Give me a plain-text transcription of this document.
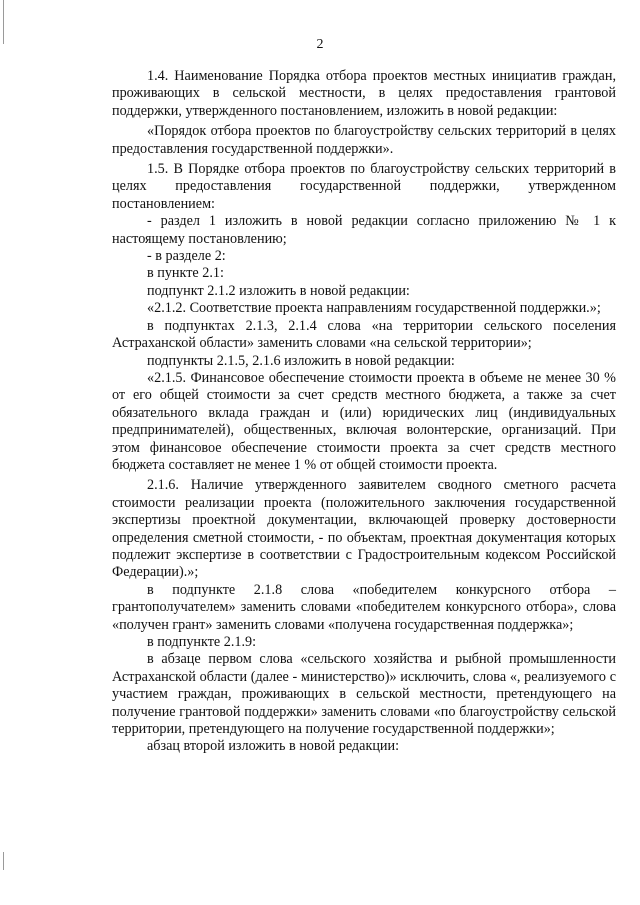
2

1.4. Наименование Порядка отбора проектов местных инициатив граждан, проживающих в сельской местности, в целях предоставления грантовой поддержки, утвержденного постановлением, изложить в новой редакции:

«Порядок отбора проектов по благоустройству сельских территорий в целях предоставления государственной поддержки».

1.5. В Порядке отбора проектов по благоустройству сельских территорий в целях предоставления государственной поддержки, утвержденном постановлением:

- раздел 1 изложить в новой редакции согласно приложению № 1 к настоящему постановлению;

- в разделе 2:

в пункте 2.1:

подпункт 2.1.2 изложить в новой редакции:

«2.1.2. Соответствие проекта направлениям государственной поддержки.»;

в подпунктах 2.1.3, 2.1.4 слова «на территории сельского поселения Астраханской области» заменить словами «на сельской территории»;

подпункты 2.1.5, 2.1.6 изложить в новой редакции:

«2.1.5. Финансовое обеспечение стоимости проекта в объеме не менее 30 % от его общей стоимости за счет средств местного бюджета, а также за счет обязательного вклада граждан и (или) юридических лиц (индивидуальных предпринимателей), общественных, включая волонтерские, организаций. При этом финансовое обеспечение стоимости проекта за счет средств местного бюджета составляет не менее 1 % от общей стоимости проекта.

2.1.6. Наличие утвержденного заявителем сводного сметного расчета стоимости реализации проекта (положительного заключения государственной экспертизы проектной документации, включающей проверку достоверности определения сметной стоимости, - по объектам, проектная документация которых подлежит экспертизе в соответствии с Градостроительным кодексом Российской Федерации).»;

в подпункте 2.1.8 слова «победителем конкурсного отбора – грантополучателем» заменить словами «победителем конкурсного отбора», слова «получен грант» заменить словами «получена государственная поддержка»;

в подпункте 2.1.9:

в абзаце первом слова «сельского хозяйства и рыбной промышленности Астраханской области (далее - министерство)» исключить, слова «, реализуемого с участием граждан, проживающих в сельской местности, претендующего на получение грантовой поддержки» заменить словами «по благоустройству сельской территории, претендующего на получение государственной поддержки»;

абзац второй изложить в новой редакции:
